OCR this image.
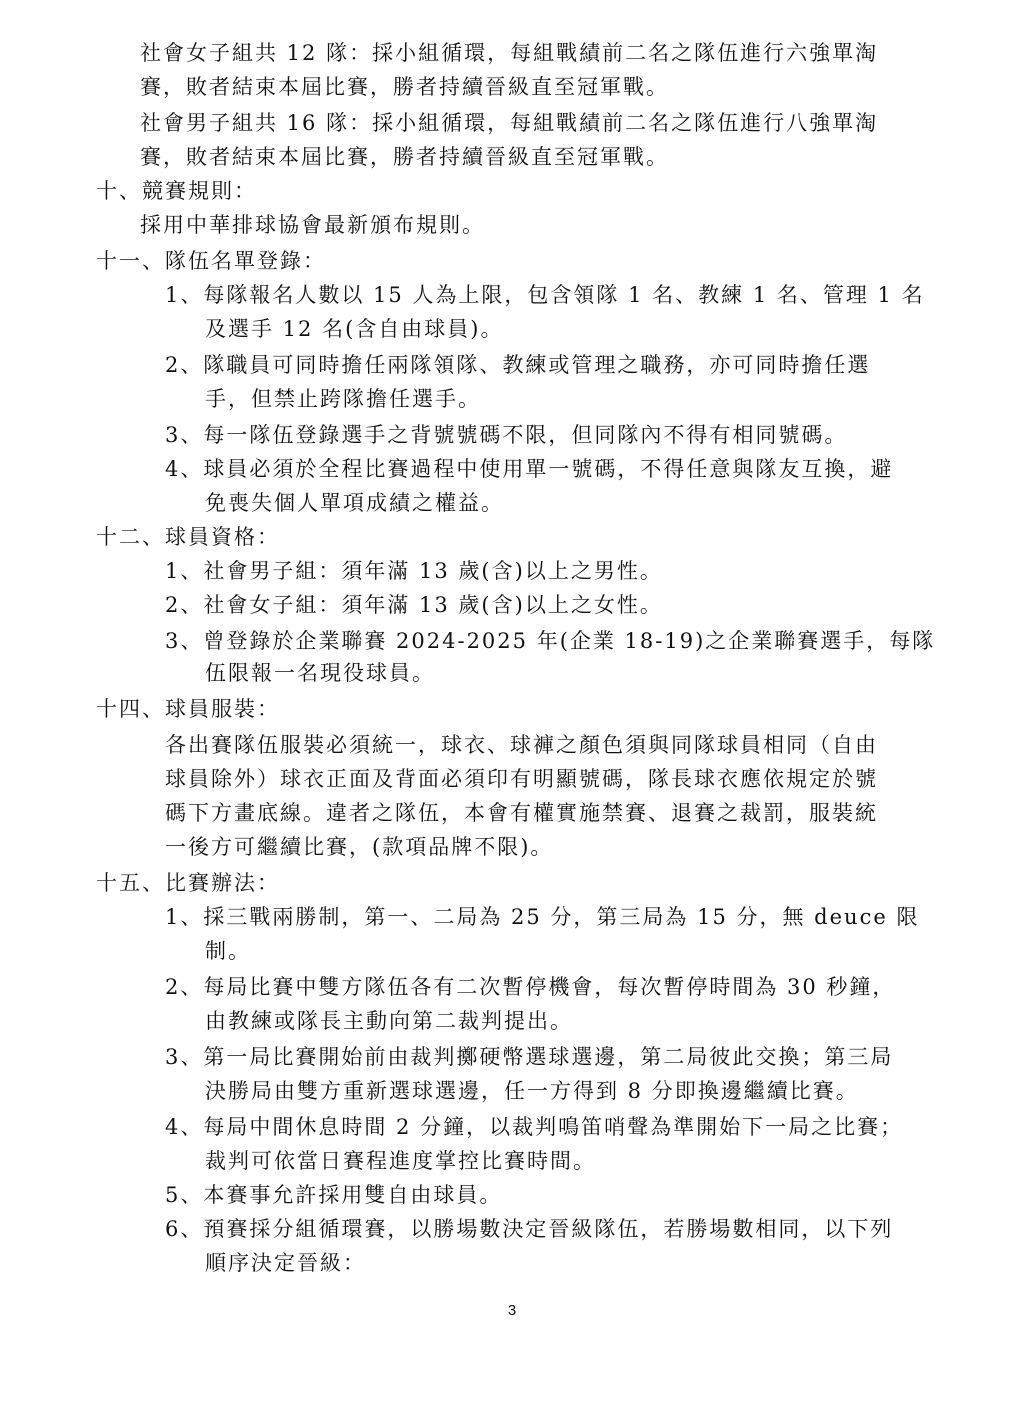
社會女子組共 12 隊：採小組循環，每組戰績前二名之隊伍進行六強單淘
賽，敗者結束本屆比賽，勝者持續晉級直至冠軍戰。
社會男子組共 16 隊：採小組循環，每組戰績前二名之隊伍進行八強單淘
賽，敗者結束本屆比賽，勝者持續晉級直至冠軍戰。
十、競賽規則：
採用中華排球協會最新頒布規則。
十一、隊伍名單登錄：
1、每隊報名人數以 15 人為上限，包含領隊 1 名、教練 1 名、管理 1 名
及選手 12 名(含自由球員)。
2、隊職員可同時擔任兩隊領隊、教練或管理之職務，亦可同時擔任選
手，但禁止跨隊擔任選手。
3、每一隊伍登錄選手之背號號碼不限，但同隊內不得有相同號碼。
4、球員必須於全程比賽過程中使用單一號碼，不得任意與隊友互換，避
免喪失個人單項成績之權益。
十二、球員資格：
1、社會男子組：須年滿 13 歲(含)以上之男性。
2、社會女子組：須年滿 13 歲(含)以上之女性。
3、曾登錄於企業聯賽 2024-2025 年(企業 18-19)之企業聯賽選手，每隊
伍限報一名現役球員。
十四、球員服裝：
各出賽隊伍服裝必須統一，球衣、球褲之顏色須與同隊球員相同（自由
球員除外）球衣正面及背面必須印有明顯號碼，隊長球衣應依規定於號
碼下方畫底線。違者之隊伍，本會有權實施禁賽、退賽之裁罰，服裝統
一後方可繼續比賽，(款項品牌不限)。
十五、比賽辦法：
1、採三戰兩勝制，第一、二局為 25 分，第三局為 15 分，無 deuce 限
制。
2、每局比賽中雙方隊伍各有二次暫停機會，每次暫停時間為 30 秒鐘，
由教練或隊長主動向第二裁判提出。
3、第一局比賽開始前由裁判擲硬幣選球選邊，第二局彼此交換；第三局
決勝局由雙方重新選球選邊，任一方得到 8 分即換邊繼續比賽。
4、每局中間休息時間 2 分鐘，以裁判鳴笛哨聲為準開始下一局之比賽；
裁判可依當日賽程進度掌控比賽時間。
5、本賽事允許採用雙自由球員。
6、預賽採分組循環賽，以勝場數決定晉級隊伍，若勝場數相同，以下列
順序決定晉級：
3
